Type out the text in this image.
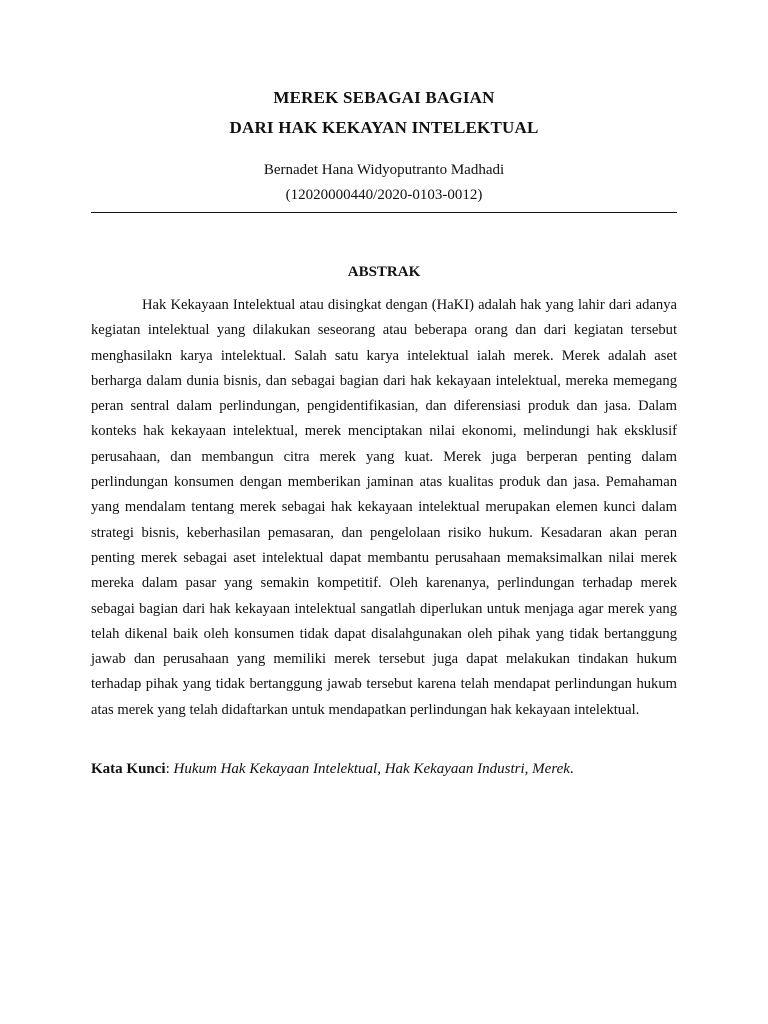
MEREK SEBAGAI BAGIAN
DARI HAK KEKAYAN INTELEKTUAL
Bernadet Hana Widyoputranto Madhadi
(12020000440/2020-0103-0012)
ABSTRAK

Hak Kekayaan Intelektual atau disingkat dengan (HaKI) adalah hak yang lahir dari adanya kegiatan intelektual yang dilakukan seseorang atau beberapa orang dan dari kegiatan tersebut menghasilakn karya intelektual. Salah satu karya intelektual ialah merek. Merek adalah aset berharga dalam dunia bisnis, dan sebagai bagian dari hak kekayaan intelektual, mereka memegang peran sentral dalam perlindungan, pengidentifikasian, dan diferensiasi produk dan jasa. Dalam konteks hak kekayaan intelektual, merek menciptakan nilai ekonomi, melindungi hak eksklusif perusahaan, dan membangun citra merek yang kuat. Merek juga berperan penting dalam perlindungan konsumen dengan memberikan jaminan atas kualitas produk dan jasa. Pemahaman yang mendalam tentang merek sebagai hak kekayaan intelektual merupakan elemen kunci dalam strategi bisnis, keberhasilan pemasaran, dan pengelolaan risiko hukum. Kesadaran akan peran penting merek sebagai aset intelektual dapat membantu perusahaan memaksimalkan nilai merek mereka dalam pasar yang semakin kompetitif. Oleh karenanya, perlindungan terhadap merek sebagai bagian dari hak kekayaan intelektual sangatlah diperlukan untuk menjaga agar merek yang telah dikenal baik oleh konsumen tidak dapat disalahgunakan oleh pihak yang tidak bertanggung jawab dan perusahaan yang memiliki merek tersebut juga dapat melakukan tindakan hukum terhadap pihak yang tidak bertanggung jawab tersebut karena telah mendapat perlindungan hukum atas merek yang telah didaftarkan untuk mendapatkan perlindungan hak kekayaan intelektual.

Kata Kunci: Hukum Hak Kekayaan Intelektual, Hak Kekayaan Industri, Merek.
